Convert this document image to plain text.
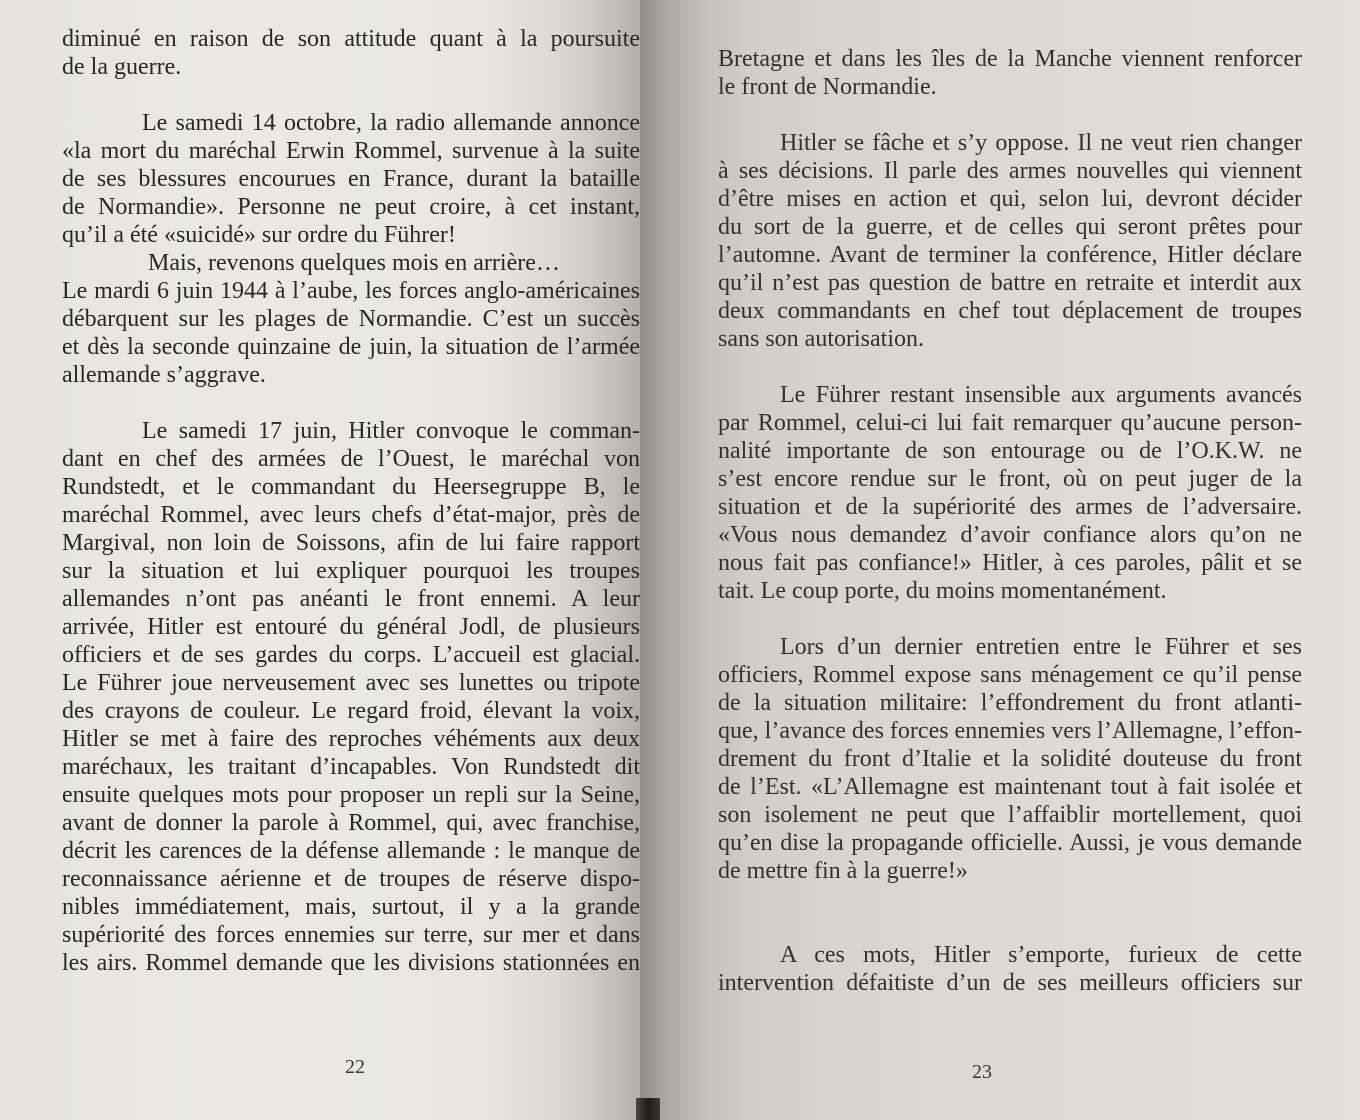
diminué en raison de son attitude quant à la poursuite
de la guerre.
Le samedi 14 octobre, la radio allemande annonce
«la mort du maréchal Erwin Rommel, survenue à la suite
de ses blessures encourues en France, durant la bataille
de Normandie». Personne ne peut croire, à cet instant,
qu’il a été «suicidé» sur ordre du Führer!
Mais, revenons quelques mois en arrière…
Le mardi 6 juin 1944 à l’aube, les forces anglo-américaines
débarquent sur les plages de Normandie. C’est un succès
et dès la seconde quinzaine de juin, la situation de l’armée
allemande s’aggrave.
Le samedi 17 juin, Hitler convoque le comman-
dant en chef des armées de l’Ouest, le maréchal von
Rundstedt, et le commandant du Heersegruppe B, le
maréchal Rommel, avec leurs chefs d’état-major, près de
Margival, non loin de Soissons, afin de lui faire rapport
sur la situation et lui expliquer pourquoi les troupes
allemandes n’ont pas anéanti le front ennemi. A leur
arrivée, Hitler est entouré du général Jodl, de plusieurs
officiers et de ses gardes du corps. L’accueil est glacial.
Le Führer joue nerveusement avec ses lunettes ou tripote
des crayons de couleur. Le regard froid, élevant la voix,
Hitler se met à faire des reproches véhéments aux deux
maréchaux, les traitant d’incapables. Von Rundstedt dit
ensuite quelques mots pour proposer un repli sur la Seine,
avant de donner la parole à Rommel, qui, avec franchise,
décrit les carences de la défense allemande : le manque de
reconnaissance aérienne et de troupes de réserve dispo-
nibles immédiatement, mais, surtout, il y a la grande
supériorité des forces ennemies sur terre, sur mer et dans
les airs. Rommel demande que les divisions stationnées en
22
Bretagne et dans les îles de la Manche viennent renforcer
le front de Normandie.
Hitler se fâche et s’y oppose. Il ne veut rien changer
à ses décisions. Il parle des armes nouvelles qui viennent
d’être mises en action et qui, selon lui, devront décider
du sort de la guerre, et de celles qui seront prêtes pour
l’automne. Avant de terminer la conférence, Hitler déclare
qu’il n’est pas question de battre en retraite et interdit aux
deux commandants en chef tout déplacement de troupes
sans son autorisation.
Le Führer restant insensible aux arguments avancés
par Rommel, celui-ci lui fait remarquer qu’aucune person-
nalité importante de son entourage ou de l’O.K.W. ne
s’est encore rendue sur le front, où on peut juger de la
situation et de la supériorité des armes de l’adversaire.
«Vous nous demandez d’avoir confiance alors qu’on ne
nous fait pas confiance!» Hitler, à ces paroles, pâlit et se
tait. Le coup porte, du moins momentanément.
Lors d’un dernier entretien entre le Führer et ses
officiers, Rommel expose sans ménagement ce qu’il pense
de la situation militaire: l’effondrement du front atlanti-
que, l’avance des forces ennemies vers l’Allemagne, l’effon-
drement du front d’Italie et la solidité douteuse du front
de l’Est. «L’Allemagne est maintenant tout à fait isolée et
son isolement ne peut que l’affaiblir mortellement, quoi
qu’en dise la propagande officielle. Aussi, je vous demande
de mettre fin à la guerre!»
A ces mots, Hitler s’emporte, furieux de cette
intervention défaitiste d’un de ses meilleurs officiers sur
23
